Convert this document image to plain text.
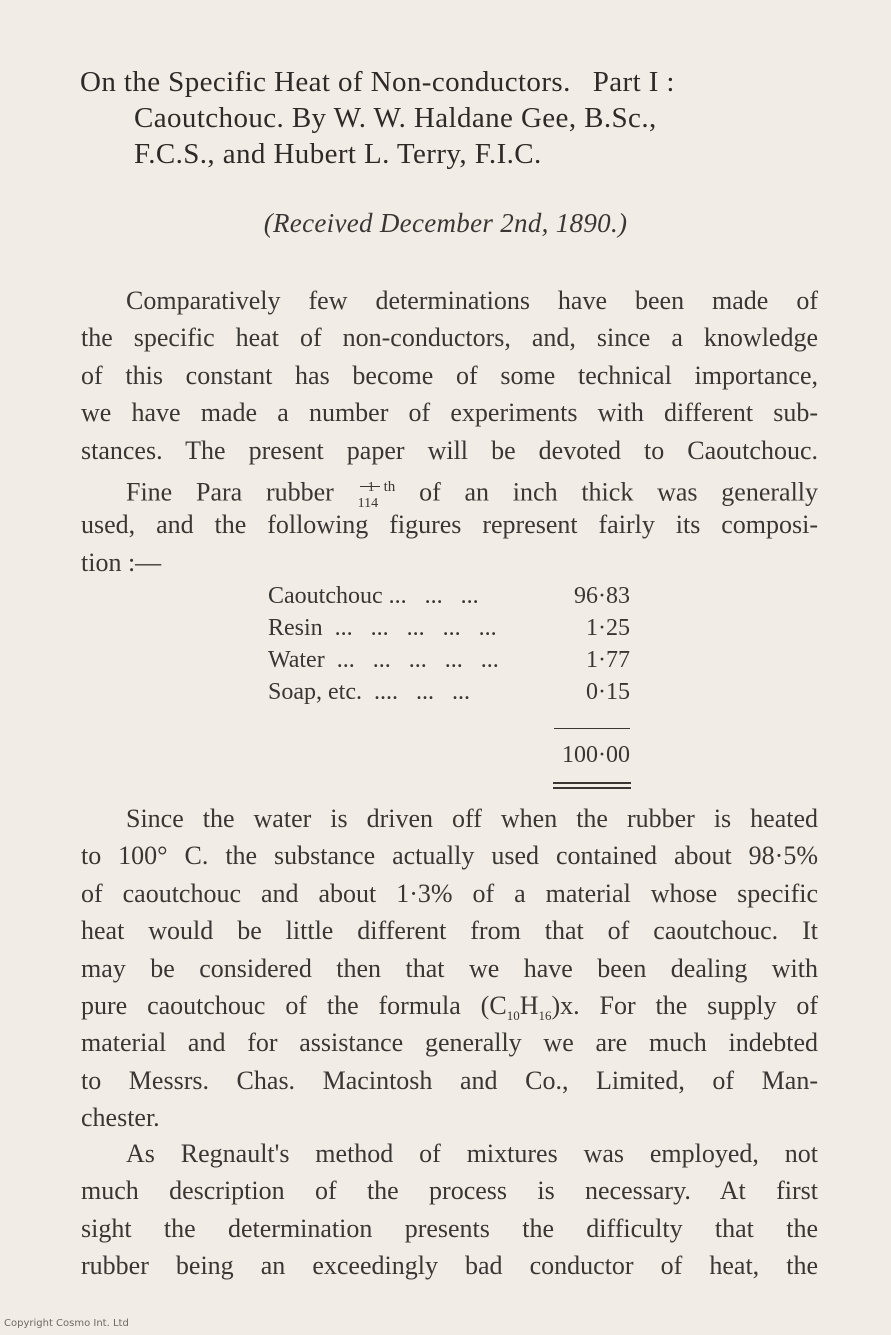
On the Specific Heat of Non-conductors. Part I :
Caoutchouc. By W. W. Haldane Gee, B.Sc.,
F.C.S., and Hubert L. Terry, F.I.C.
(Received December 2nd, 1890.)
Comparatively few determinations have been made of
the specific heat of non-conductors, and, since a knowledge
of this constant has become of some technical importance,
we have made a number of experiments with different sub-
stances. The present paper will be devoted to Caoutchouc.
Fine Para rubber 1
114
$^{th}$ of an inch thick was generally
used, and the following figures represent fairly its composi-
tion :—
Caoutchouc ...   ...   ...	96·83
Resin  ...   ...   ...   ...   ...	1·25
Water  ...   ...   ...   ...   ...	1·77
Soap, etc.  ....   ...   ...	0·15
100·00
Since the water is driven off when the rubber is heated
to 100° C. the substance actually used contained about 98·5%
of caoutchouc and about 1·3% of a material whose specific
heat would be little different from that of caoutchouc. It
may be considered then that we have been dealing with
pure caoutchouc of the formula $(C_{10}H_{16})x$. For the supply of
material and for assistance generally we are much indebted
to Messrs. Chas. Macintosh and Co., Limited, of Man-
chester.
As Regnault's method of mixtures was employed, not
much description of the process is necessary. At first
sight the determination presents the difficulty that the
rubber being an exceedingly bad conductor of heat, the
Copyright Cosmo Int. Ltd
